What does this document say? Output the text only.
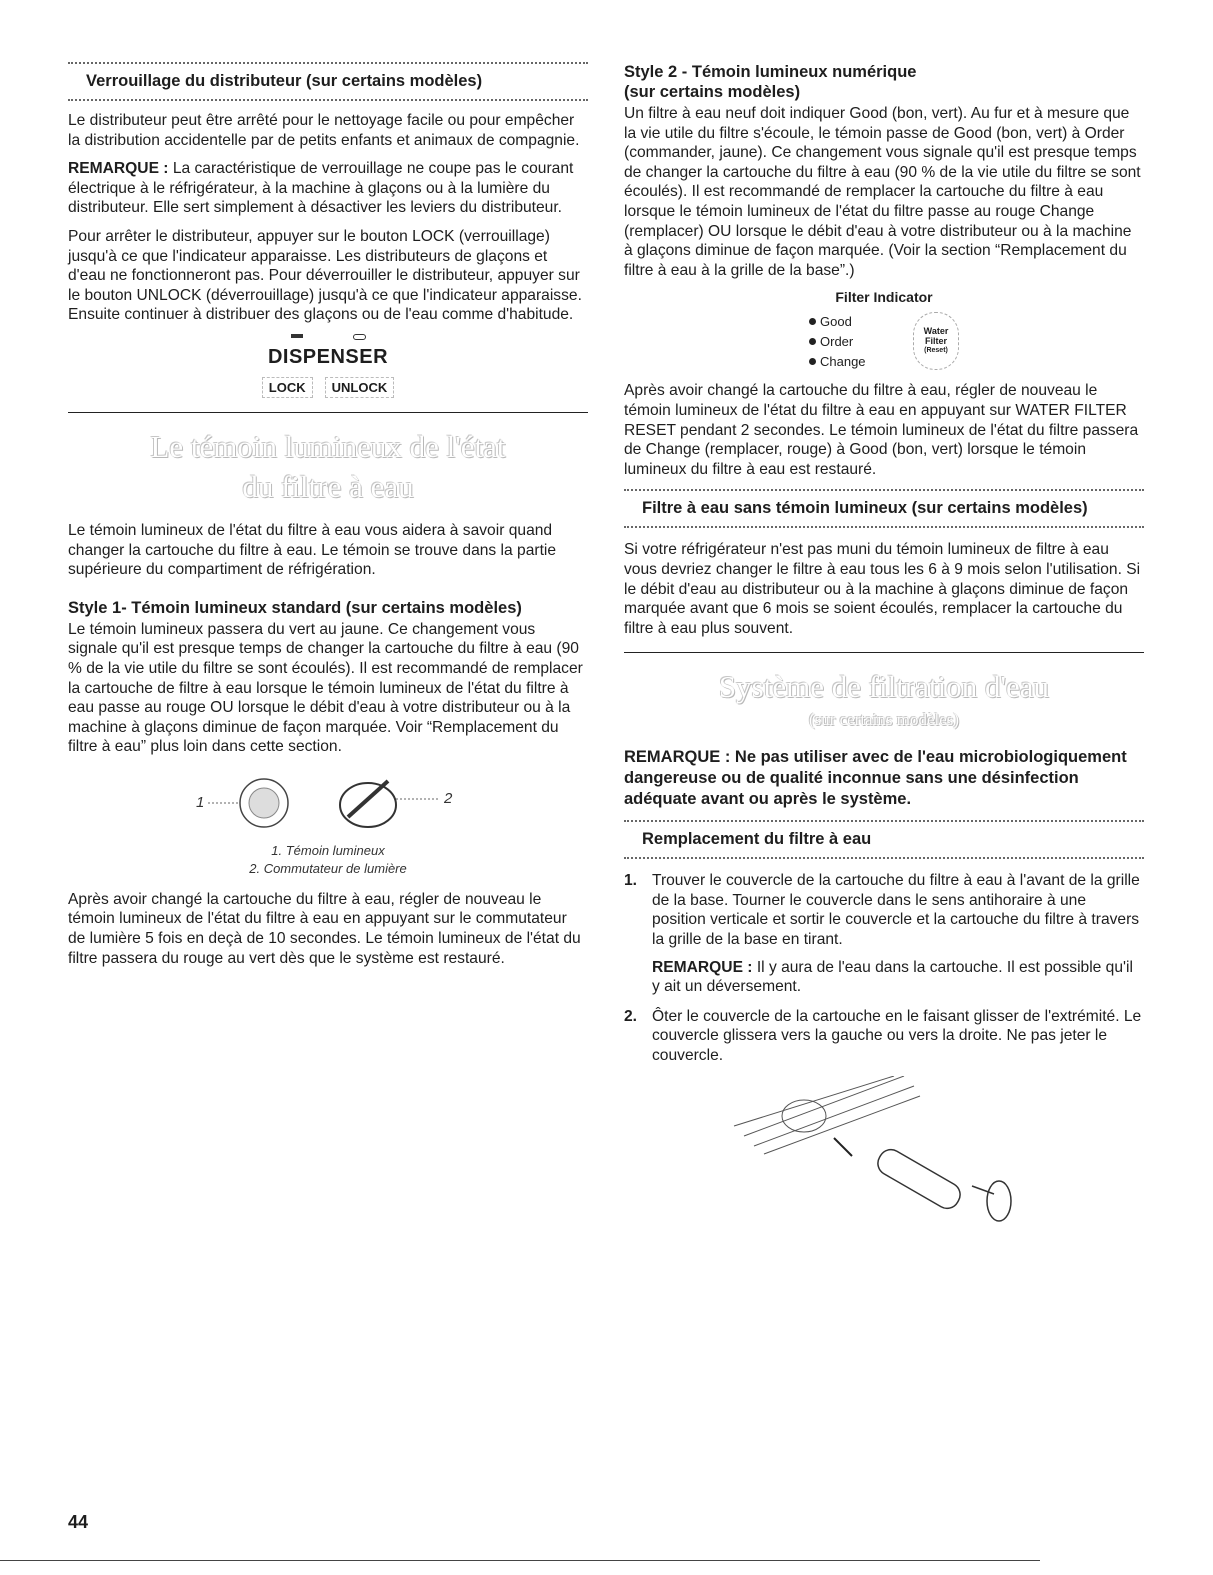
Verrouillage du distributeur (sur certains modèles)

Le distributeur peut être arrêté pour le nettoyage facile ou pour empêcher la distribution accidentelle par de petits enfants et animaux de compagnie.

REMARQUE : La caractéristique de verrouillage ne coupe pas le courant électrique à le réfrigérateur, à la machine à glaçons ou à la lumière du distributeur. Elle sert simplement à désactiver les leviers du distributeur.

Pour arrêter le distributeur, appuyer sur le bouton LOCK (verrouillage) jusqu'à ce que l'indicateur apparaisse. Les distributeurs de glaçons et d'eau ne fonctionneront pas. Pour déverrouiller le distributeur, appuyer sur le bouton UNLOCK (déverrouillage) jusqu'à ce que l'indicateur apparaisse. Ensuite continuer à distribuer des glaçons ou de l'eau comme d'habitude.

DISPENSER
LOCK	UNLOCK
Le témoin lumineux de l'état
du filtre à eau

Le témoin lumineux de l'état du filtre à eau vous aidera à savoir quand changer la cartouche du filtre à eau. Le témoin se trouve dans la partie supérieure du compartiment de réfrigération.

Style 1- Témoin lumineux standard (sur certains modèles)

Le témoin lumineux passera du vert au jaune. Ce changement vous signale qu'il est presque temps de changer la cartouche du filtre à eau (90 % de la vie utile du filtre se sont écoulés). Il est recommandé de remplacer la cartouche de filtre à eau lorsque le témoin lumineux de l'état du filtre à eau passe au rouge OU lorsque le débit d'eau à votre distributeur ou à la machine à glaçons diminue de façon marquée. Voir “Remplacement du filtre à eau” plus loin dans cette section.

1	2
1. Témoin lumineux
2. Commutateur de lumière

Après avoir changé la cartouche du filtre à eau, régler de nouveau le témoin lumineux de l'état du filtre à eau en appuyant sur le commutateur de lumière 5 fois en deçà de 10 secondes. Le témoin lumineux de l'état du filtre passera du rouge au vert dès que le système est restauré.

Style 2 - Témoin lumineux numérique
(sur certains modèles)

Un filtre à eau neuf doit indiquer Good (bon, vert). Au fur et à mesure que la vie utile du filtre s'écoule, le témoin passe de Good (bon, vert) à Order (commander, jaune). Ce changement vous signale qu'il est presque temps de changer la cartouche du filtre à eau (90 % de la vie utile du filtre se sont écoulés). Il est recommandé de remplacer la cartouche du filtre à eau lorsque le témoin lumineux de l'état du filtre passe au rouge Change (remplacer) OU lorsque le débit d'eau à votre distributeur ou à la machine à glaçons diminue de façon marquée. (Voir la section “Remplacement du filtre à eau à la grille de la base”.)

Filter Indicator
Good
Order
Change
Water
Filter
(Reset)

Après avoir changé la cartouche du filtre à eau, régler de nouveau le témoin lumineux de l'état du filtre à eau en appuyant sur WATER FILTER RESET pendant 2 secondes. Le témoin lumineux de l'état du filtre passera de Change (remplacer, rouge) à Good (bon, vert) lorsque le témoin lumineux du filtre à eau est restauré.

Filtre à eau sans témoin lumineux (sur certains modèles)

Si votre réfrigérateur n'est pas muni du témoin lumineux de filtre à eau vous devriez changer le filtre à eau tous les 6 à 9 mois selon l'utilisation. Si le débit d'eau au distributeur ou à la machine à glaçons diminue de façon marquée avant que 6 mois se soient écoulés, remplacer la cartouche du filtre à eau plus souvent.

Système de filtration d'eau
(sur certains modèles)
REMARQUE : Ne pas utiliser avec de l'eau microbiologiquement dangereuse ou de qualité inconnue sans une désinfection adéquate avant ou après le système.
Remplacement du filtre à eau
1. Trouver le couvercle de la cartouche du filtre à eau à l'avant de la grille de la base. Tourner le couvercle dans le sens antihoraire à une position verticale et sortir le couvercle et la cartouche du filtre à travers la grille de la base en tirant.
REMARQUE : Il y aura de l'eau dans la cartouche. Il est possible qu'il y ait un déversement.
2. Ôter le couvercle de la cartouche en le faisant glisser de l'extrémité. Le couvercle glissera vers la gauche ou vers la droite. Ne pas jeter le couvercle.
44
